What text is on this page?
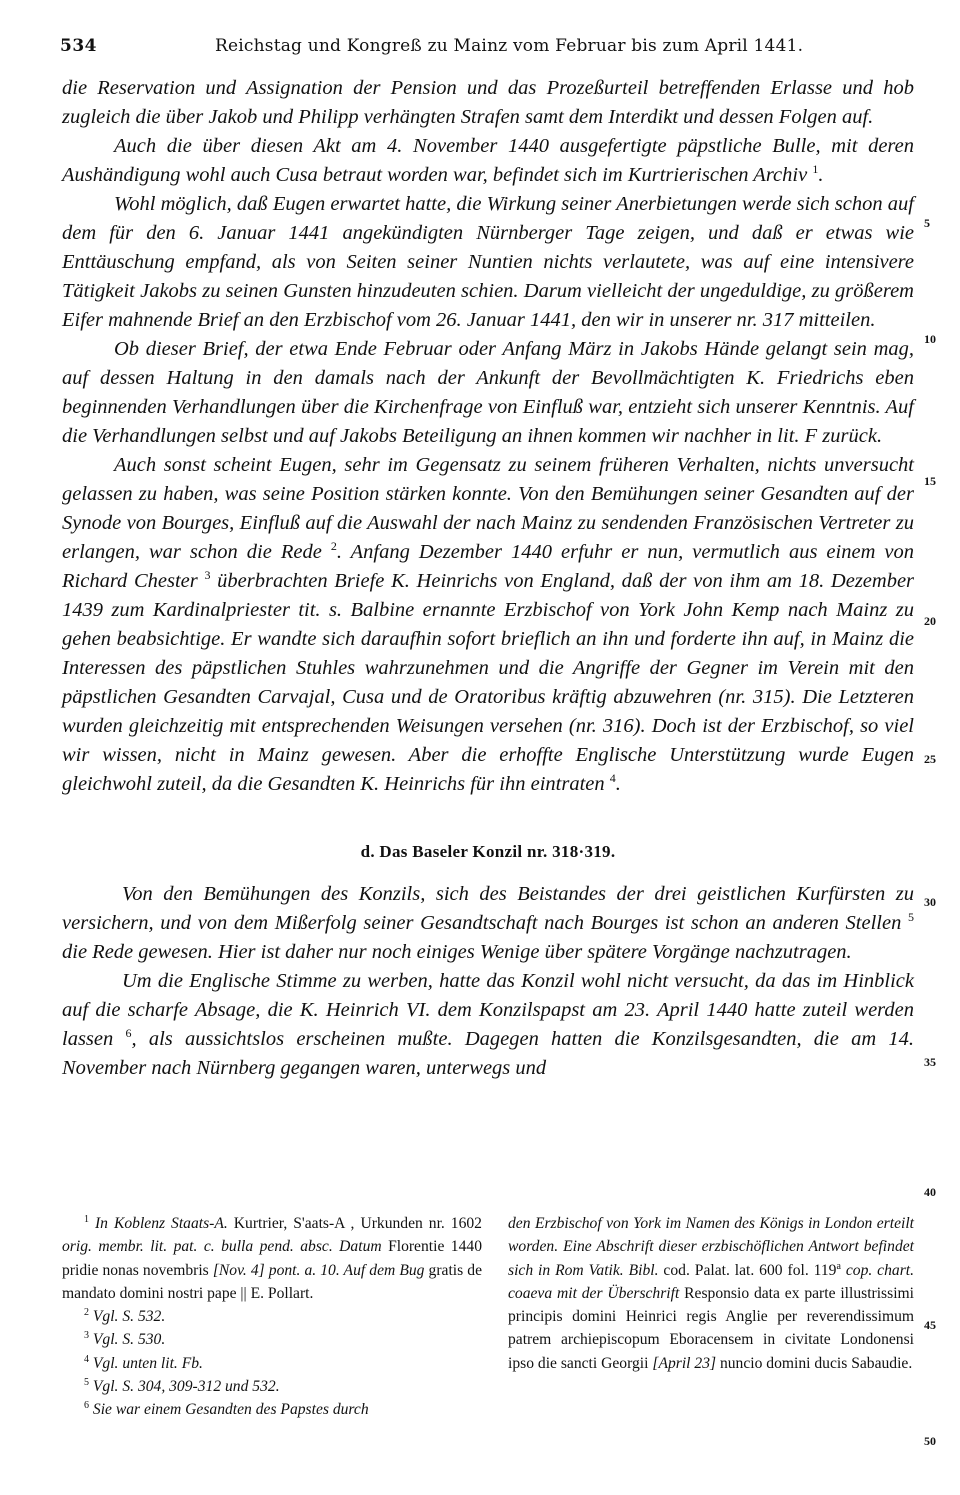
534	Reichstag und Kongreß zu Mainz vom Februar bis zum April 1441.

die Reservation und Assignation der Pension und das Prozeßurteil betreffenden Erlasse und hob zugleich die über Jakob und Philipp verhängten Strafen samt dem Interdikt und dessen Folgen auf.

Auch die über diesen Akt am 4. November 1440 ausgefertigte päpstliche Bulle, mit deren Aushändigung wohl auch Cusa betraut worden war, befindet sich im Kurtrierischen Archiv $^1$.

Wohl möglich, daß Eugen erwartet hatte, die Wirkung seiner Anerbietungen werde sich schon auf dem für den 6. Januar 1441 angekündigten Nürnberger Tage zeigen, und daß er etwas wie Enttäuschung empfand, als von Seiten seiner Nuntien nichts verlautete, was auf eine intensivere Tätigkeit Jakobs zu seinen Gunsten hinzudeuten schien. Darum vielleicht der ungeduldige, zu größerem Eifer mahnende Brief an den Erzbischof vom 26. Januar 1441, den wir in unserer nr. 317 mitteilen.

Ob dieser Brief, der etwa Ende Februar oder Anfang März in Jakobs Hände gelangt sein mag, auf dessen Haltung in den damals nach der Ankunft der Bevollmächtigten K. Friedrichs eben beginnenden Verhandlungen über die Kirchenfrage von Einfluß war, entzieht sich unserer Kenntnis. Auf die Verhandlungen selbst und auf Jakobs Beteiligung an ihnen kommen wir nachher in lit. F zurück.

Auch sonst scheint Eugen, sehr im Gegensatz zu seinem früheren Verhalten, nichts unversucht gelassen zu haben, was seine Position stärken konnte. Von den Bemühungen seiner Gesandten auf der Synode von Bourges, Einfluß auf die Auswahl der nach Mainz zu sendenden Französischen Vertreter zu erlangen, war schon die Rede $^2$. Anfang Dezember 1440 erfuhr er nun, vermutlich aus einem von Richard Chester $^3$ überbrachten Briefe K. Heinrichs von England, daß der von ihm am 18. Dezember 1439 zum Kardinalpriester tit. s. Balbine ernannte Erzbischof von York John Kemp nach Mainz zu gehen beabsichtige. Er wandte sich daraufhin sofort brieflich an ihn und forderte ihn auf, in Mainz die Interessen des päpstlichen Stuhles wahrzunehmen und die Angriffe der Gegner im Verein mit den päpstlichen Gesandten Carvajal, Cusa und de Oratoribus kräftig abzuwehren (nr. 315). Die Letzteren wurden gleichzeitig mit entsprechenden Weisungen versehen (nr. 316). Doch ist der Erzbischof, so viel wir wissen, nicht in Mainz gewesen. Aber die erhoffte Englische Unterstützung wurde Eugen gleichwohl zuteil, da die Gesandten K. Heinrichs für ihn eintraten $^4$.

d. Das Baseler Konzil nr. 318·319.

Von den Bemühungen des Konzils, sich des Beistandes der drei geistlichen Kurfürsten zu versichern, und von dem Mißerfolg seiner Gesandtschaft nach Bourges ist schon an anderen Stellen $^5$ die Rede gewesen. Hier ist daher nur noch einiges Wenige über spätere Vorgänge nachzutragen.

Um die Englische Stimme zu werben, hatte das Konzil wohl nicht versucht, da das im Hinblick auf die scharfe Absage, die K. Heinrich VI. dem Konzilspapst am 23. April 1440 hatte zuteil werden lassen $^6$, als aussichtslos erscheinen mußte. Dagegen hatten die Konzilsgesandten, die am 14. November nach Nürnberg gegangen waren, unterwegs und

5
10
15
20
25
30
35
40
45
50

$^1$ In Koblenz Staats-A. Kurtrier, S'aats-A , Urkunden nr. 1602 orig. membr. lit. pat. c. bulla pend. absc. Datum Florentie 1440 pridie nonas novembris [Nov. 4] pont. a. 10. Auf dem Bug gratis de mandato domini nostri pape || E. Pollart.

$^2$ Vgl. S. 532.

$^3$ Vgl. S. 530.

$^4$ Vgl. unten lit. Fb.

$^5$ Vgl. S. 304, 309-312 und 532.

$^6$ Sie war einem Gesandten des Papstes durch

den Erzbischof von York im Namen des Königs in London erteilt worden. Eine Abschrift dieser erzbischöflichen Antwort befindet sich in Rom Vatik. Bibl. cod. Palat. lat. 600 fol. 119$^a$ cop. chart. coaeva mit der Überschrift Responsio data ex parte illustrissimi principis domini Heinrici regis Anglie per reverendissimum patrem archiepiscopum Eboracensem in civitate Londonensi ipso die sancti Georgii [April 23] nuncio domini ducis Sabaudie.
